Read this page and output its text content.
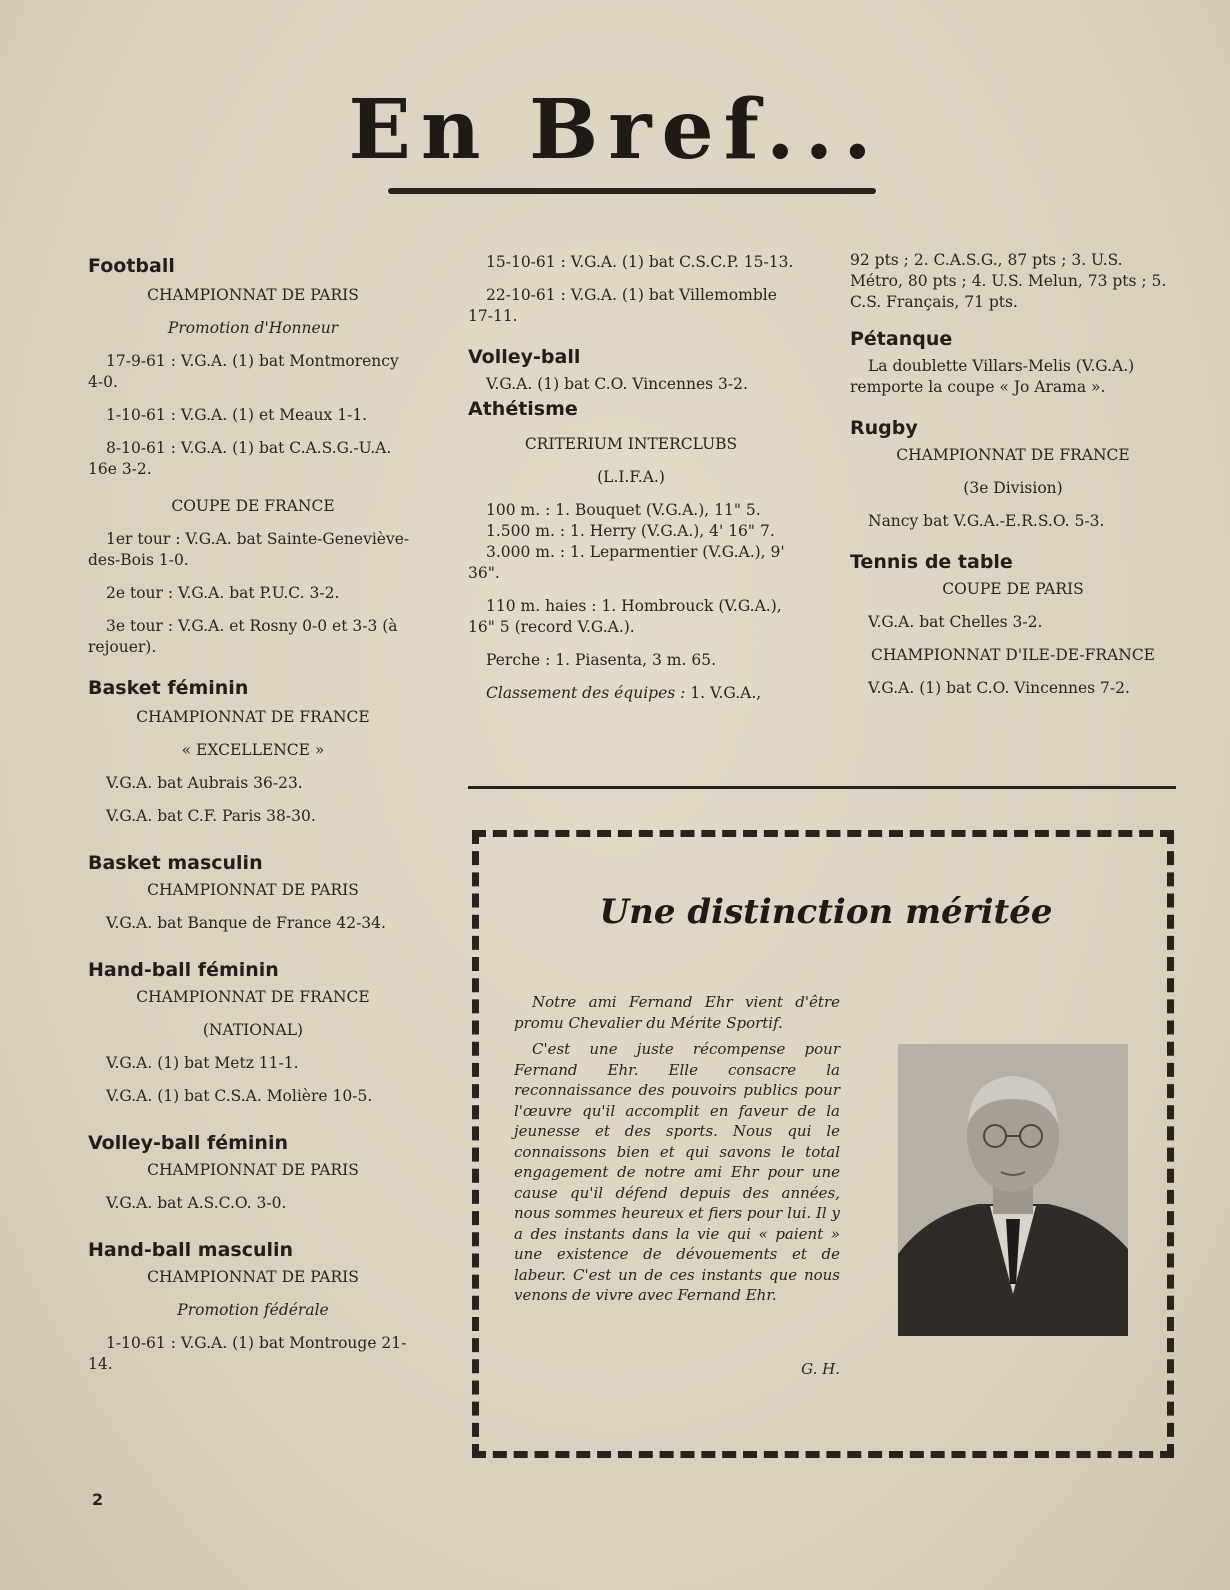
En Bref...

Football

CHAMPIONNAT DE PARIS

Promotion d'Honneur

17-9-61 : V.G.A. (1) bat Montmorency 4-0.

1-10-61 : V.G.A. (1) et Meaux 1-1.

8-10-61 : V.G.A. (1) bat C.A.S.G.-U.A. 16e 3-2.

COUPE DE FRANCE

1er tour : V.G.A. bat Sainte-Geneviève-des-Bois 1-0.

2e tour : V.G.A. bat P.U.C. 3-2.

3e tour : V.G.A. et Rosny 0-0 et 3-3 (à rejouer).

Basket féminin

CHAMPIONNAT DE FRANCE

« EXCELLENCE »

V.G.A. bat Aubrais 36-23.

V.G.A. bat C.F. Paris 38-30.

Basket masculin

CHAMPIONNAT DE PARIS

V.G.A. bat Banque de France 42-34.

Hand-ball féminin

CHAMPIONNAT DE FRANCE

(NATIONAL)

V.G.A. (1) bat Metz 11-1.

V.G.A. (1) bat C.S.A. Molière 10-5.

Volley-ball féminin

CHAMPIONNAT DE PARIS

V.G.A. bat A.S.C.O. 3-0.

Hand-ball masculin

CHAMPIONNAT DE PARIS

Promotion fédérale

1-10-61 : V.G.A. (1) bat Montrouge 21-14.

15-10-61 : V.G.A. (1) bat C.S.C.P. 15-13.

22-10-61 : V.G.A. (1) bat Villemomble 17-11.

Volley-ball

V.G.A. (1) bat C.O. Vincennes 3-2.

Athétisme

CRITERIUM INTERCLUBS

(L.I.F.A.)

100 m. : 1. Bouquet (V.G.A.), 11" 5.

1.500 m. : 1. Herry (V.G.A.), 4' 16" 7.

3.000 m. : 1. Leparmentier (V.G.A.), 9' 36".

110 m. haies : 1. Hombrouck (V.G.A.), 16" 5 (record V.G.A.).

Perche : 1. Piasenta, 3 m. 65.

Classement des équipes : 1. V.G.A.,

92 pts ; 2. C.A.S.G., 87 pts ; 3. U.S. Métro, 80 pts ; 4. U.S. Melun, 73 pts ; 5. C.S. Français, 71 pts.

Pétanque

La doublette Villars-Melis (V.G.A.) remporte la coupe « Jo Arama ».

Rugby

CHAMPIONNAT DE FRANCE

(3e Division)

Nancy bat V.G.A.-E.R.S.O. 5-3.

Tennis de table

COUPE DE PARIS

V.G.A. bat Chelles 3-2.

CHAMPIONNAT D'ILE-DE-FRANCE

V.G.A. (1) bat C.O. Vincennes 7-2.

Une distinction méritée

Notre ami Fernand Ehr vient d'être promu Chevalier du Mérite Sportif.

C'est une juste récompense pour Fernand Ehr. Elle consacre la reconnaissance des pouvoirs publics pour l'œuvre qu'il accomplit en faveur de la jeunesse et des sports. Nous qui le connaissons bien et qui savons le total engagement de notre ami Ehr pour une cause qu'il défend depuis des années, nous sommes heureux et fiers pour lui. Il y a des instants dans la vie qui « paient » une existence de dévouements et de labeur. C'est un de ces instants que nous venons de vivre avec Fernand Ehr.

G. H.
2
